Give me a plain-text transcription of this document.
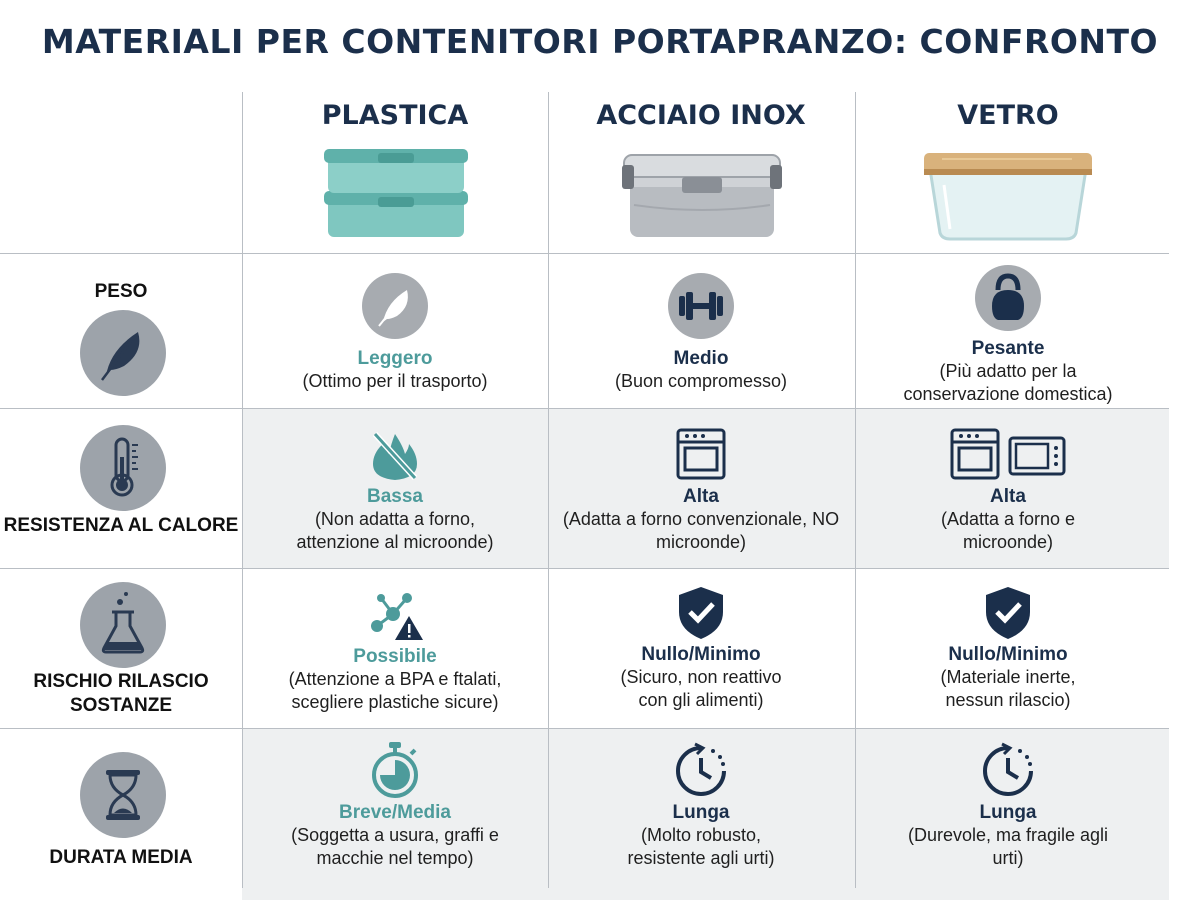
MATERIALI PER CONTENITORI PORTAPRANZO: CONFRONTO
PLASTICA	ACCIAIO INOX	VETRO
PESO
Leggero
(Ottimo per il trasporto)
Medio
(Buon compromesso)
Pesante
(Più adatto per la conservazione domestica)
RESISTENZA AL CALORE
Bassa
(Non adatta a forno, attenzione al microonde)
Alta
(Adatta a forno convenzionale, NO microonde)
Alta
(Adatta a forno e microonde)
RISCHIO RILASCIO SOSTANZE
Possibile
(Attenzione a BPA e ftalati, scegliere plastiche sicure)
Nullo/Minimo
(Sicuro, non reattivo con gli alimenti)
Nullo/Minimo
(Materiale inerte, nessun rilascio)
DURATA MEDIA
Breve/Media
(Soggetta a usura, graffi e macchie nel tempo)
Lunga
(Molto robusto, resistente agli urti)
Lunga
(Durevole, ma fragile agli urti)
